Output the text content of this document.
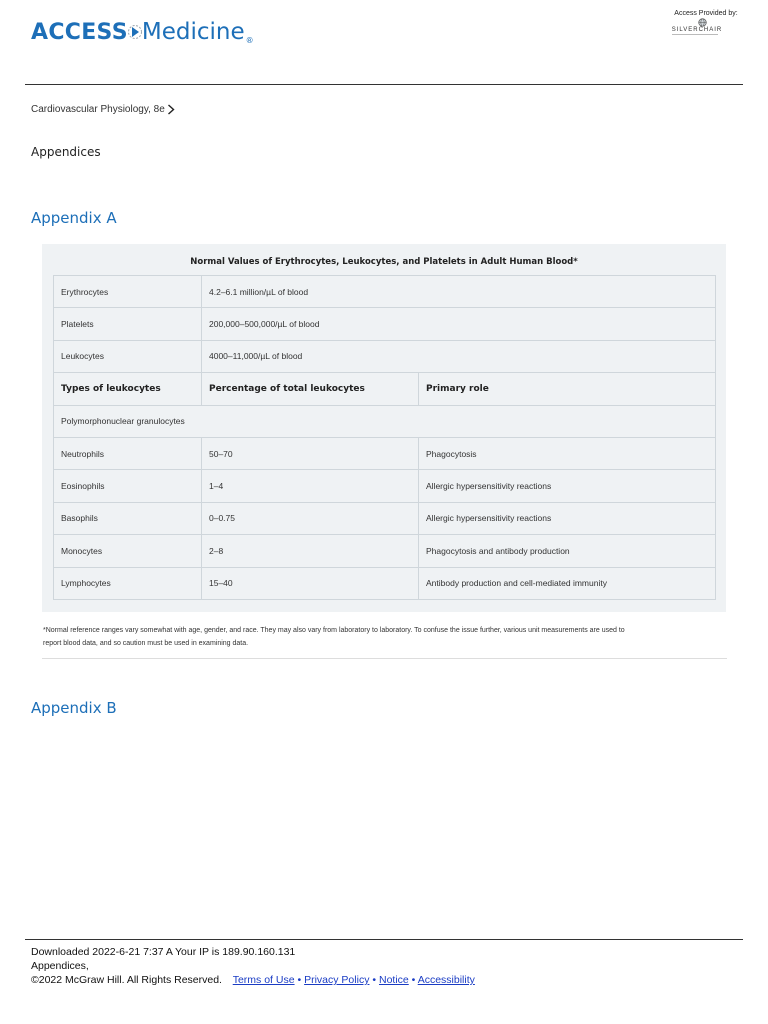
ACCESS Medicine ®
Access Provided by:
SILVERCHAIR
Cardiovascular Physiology, 8e
Appendices
Appendix A
Normal Values of Erythrocytes, Leukocytes, and Platelets in Adult Human Blood*
Erythrocytes	4.2–6.1 million/µL of blood	
Platelets	200,000–500,000/µL of blood	
Leukocytes	4000–11,000/µL of blood	
Types of leukocytes	Percentage of total leukocytes	Primary role
Polymorphonuclear granulocytes		
Neutrophils	50–70	Phagocytosis
Eosinophils	1–4	Allergic hypersensitivity reactions
Basophils	0–0.75	Allergic hypersensitivity reactions
Monocytes	2–8	Phagocytosis and antibody production
Lymphocytes	15–40	Antibody production and cell-mediated immunity
*Normal reference ranges vary somewhat with age, gender, and race. They may also vary from laboratory to laboratory. To confuse the issue further, various unit measurements are used to
report blood data, and so caution must be used in examining data.
Appendix B
Downloaded 2022-6-21 7:37 A Your IP is 189.90.160.131
Appendices,
©2022 McGraw Hill. All Rights Reserved. Terms of Use • Privacy Policy • Notice • Accessibility
